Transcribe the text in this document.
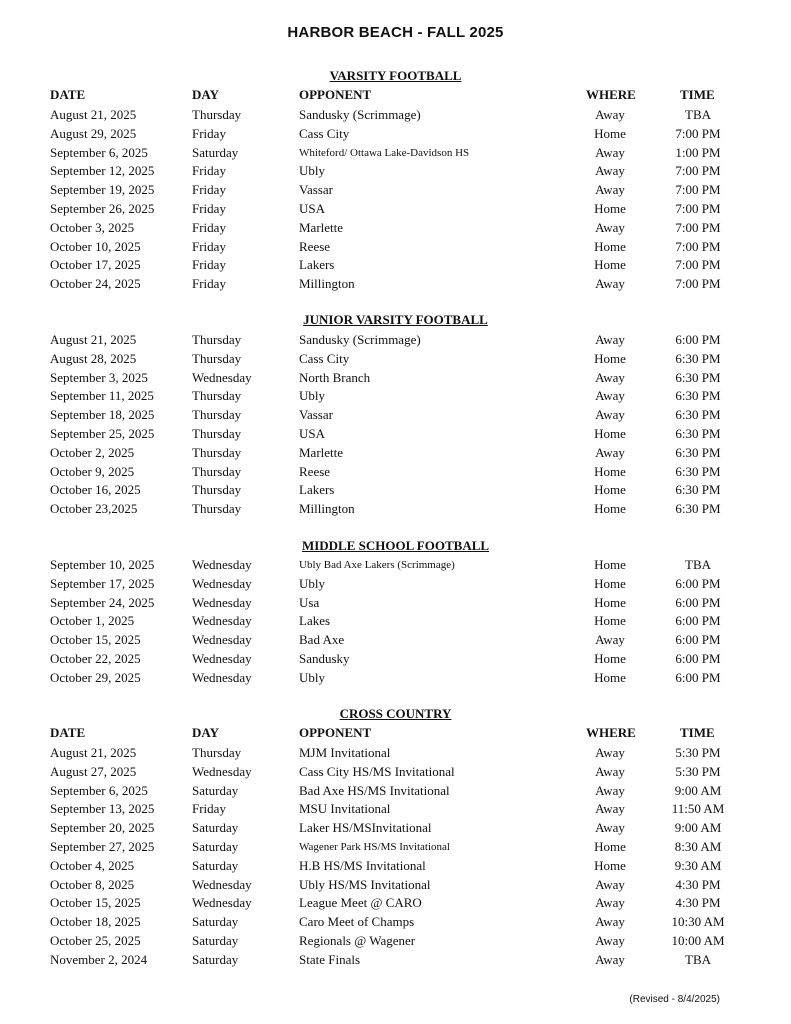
HARBOR BEACH - FALL 2025
VARSITY FOOTBALL
DATE	DAY	OPPONENT	WHERE	TIME
August 21, 2025	Thursday	Sandusky (Scrimmage)	Away	TBA
August 29, 2025	Friday	Cass City	Home	7:00 PM
September 6, 2025	Saturday	Whiteford/ Ottawa Lake-Davidson HS	Away	1:00 PM
September 12, 2025	Friday	Ubly	Away	7:00 PM
September 19, 2025	Friday	Vassar	Away	7:00 PM
September 26, 2025	Friday	USA	Home	7:00 PM
October 3, 2025	Friday	Marlette	Away	7:00 PM
October 10, 2025	Friday	Reese	Home	7:00 PM
October 17, 2025	Friday	Lakers	Home	7:00 PM
October 24, 2025	Friday	Millington	Away	7:00 PM
JUNIOR VARSITY FOOTBALL
August 21, 2025	Thursday	Sandusky (Scrimmage)	Away	6:00 PM
August 28, 2025	Thursday	Cass City	Home	6:30 PM
September 3, 2025	Wednesday	North Branch	Away	6:30 PM
September 11, 2025	Thursday	Ubly	Away	6:30 PM
September 18, 2025	Thursday	Vassar	Away	6:30 PM
September 25, 2025	Thursday	USA	Home	6:30 PM
October 2, 2025	Thursday	Marlette	Away	6:30 PM
October 9, 2025	Thursday	Reese	Home	6:30 PM
October 16, 2025	Thursday	Lakers	Home	6:30 PM
October 23,2025	Thursday	Millington	Home	6:30 PM
MIDDLE SCHOOL FOOTBALL
September 10, 2025	Wednesday	Ubly Bad Axe Lakers (Scrimmage)	Home	TBA
September 17, 2025	Wednesday	Ubly	Home	6:00 PM
September 24, 2025	Wednesday	Usa	Home	6:00 PM
October 1, 2025	Wednesday	Lakes	Home	6:00 PM
October 15, 2025	Wednesday	Bad Axe	Away	6:00 PM
October 22, 2025	Wednesday	Sandusky	Home	6:00 PM
October 29, 2025	Wednesday	Ubly	Home	6:00 PM
CROSS COUNTRY
DATE	DAY	OPPONENT	WHERE	TIME
August 21, 2025	Thursday	MJM Invitational	Away	5:30 PM
August 27, 2025	Wednesday	Cass City HS/MS Invitational	Away	5:30 PM
September 6, 2025	Saturday	Bad Axe HS/MS Invitational	Away	9:00 AM
September 13, 2025	Friday	MSU Invitational	Away	11:50 AM
September 20, 2025	Saturday	Laker HS/MSInvitational	Away	9:00 AM
September 27, 2025	Saturday	Wagener Park HS/MS Invitational	Home	8:30 AM
October 4, 2025	Saturday	H.B HS/MS Invitational	Home	9:30 AM
October 8, 2025	Wednesday	Ubly HS/MS Invitational	Away	4:30 PM
October 15, 2025	Wednesday	League Meet @ CARO	Away	4:30 PM
October 18, 2025	Saturday	Caro Meet of Champs	Away	10:30 AM
October 25, 2025	Saturday	Regionals @ Wagener	Away	10:00 AM
November 2, 2024	Saturday	State Finals	Away	TBA
(Revised - 8/4/2025)
